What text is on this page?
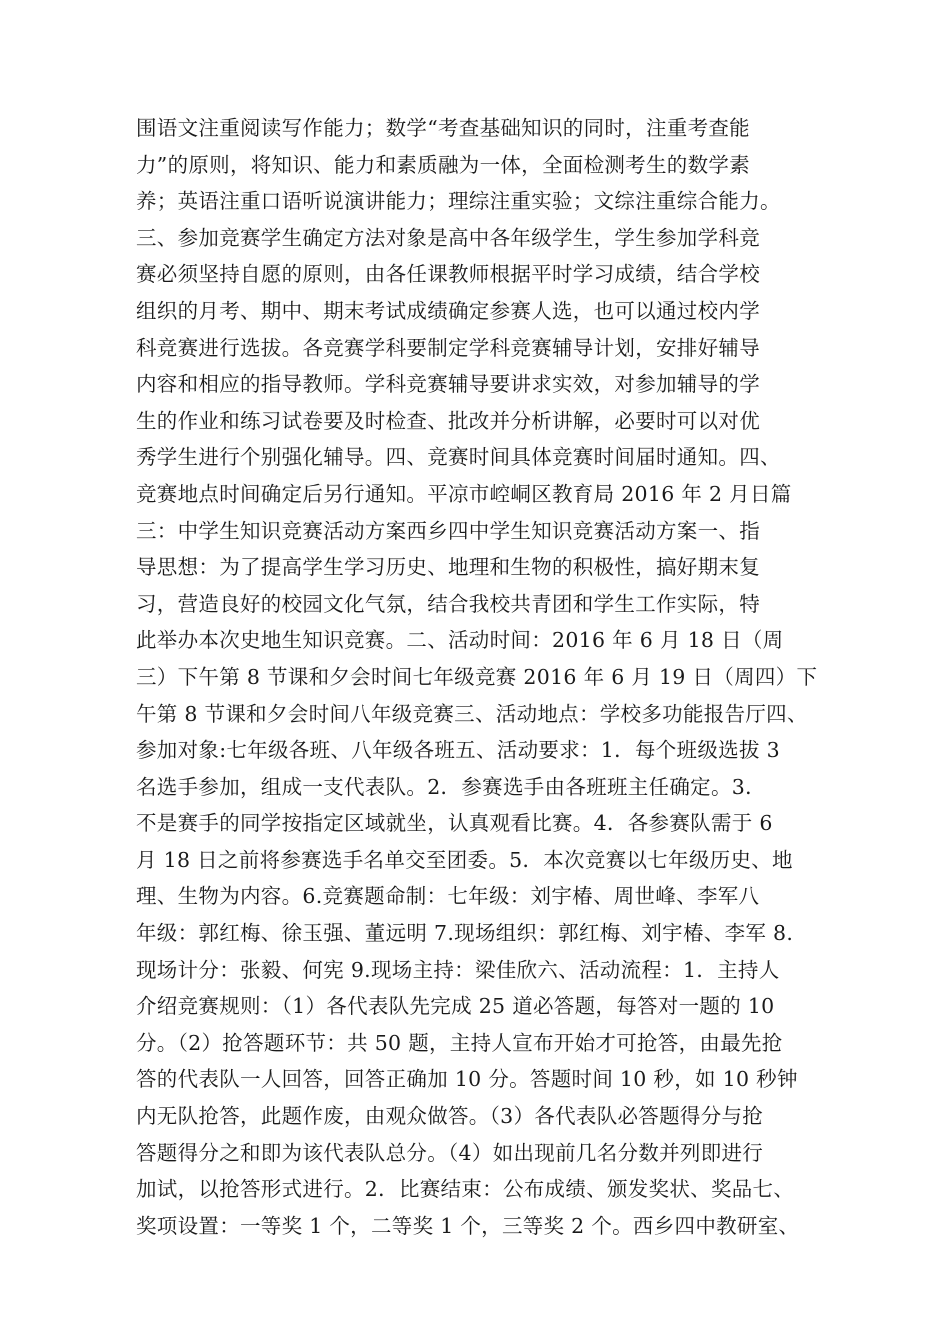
围语文注重阅读写作能力；数学“考查基础知识的同时，注重考查能
力”的原则，将知识、能力和素质融为一体，全面检测考生的数学素
养；英语注重口语听说演讲能力；理综注重实验；文综注重综合能力。
三、参加竞赛学生确定方法对象是高中各年级学生，学生参加学科竞
赛必须坚持自愿的原则，由各任课教师根据平时学习成绩，结合学校
组织的月考、期中、期末考试成绩确定参赛人选，也可以通过校内学
科竞赛进行选拔。各竞赛学科要制定学科竞赛辅导计划，安排好辅导
内容和相应的指导教师。学科竞赛辅导要讲求实效，对参加辅导的学
生的作业和练习试卷要及时检查、批改并分析讲解，必要时可以对优
秀学生进行个别强化辅导。四、竞赛时间具体竞赛时间届时通知。四、
竞赛地点时间确定后另行通知。平凉市崆峒区教育局 2016 年 2 月日篇
三：中学生知识竞赛活动方案西乡四中学生知识竞赛活动方案一、指
导思想：为了提高学生学习历史、地理和生物的积极性，搞好期末复
习，营造良好的校园文化气氛，结合我校共青团和学生工作实际，特
此举办本次史地生知识竞赛。二、活动时间：2016 年 6 月 18 日（周
三）下午第 8 节课和夕会时间七年级竞赛 2016 年 6 月 19 日（周四）下
午第 8 节课和夕会时间八年级竞赛三、活动地点：学校多功能报告厅四、
参加对象:七年级各班、八年级各班五、活动要求：1．每个班级选拔 3
名选手参加，组成一支代表队。2．参赛选手由各班班主任确定。3．
不是赛手的同学按指定区域就坐，认真观看比赛。4．各参赛队需于 6
月 18 日之前将参赛选手名单交至团委。5．本次竞赛以七年级历史、地
理、生物为内容。6.竞赛题命制：七年级：刘宇椿、周世峰、李军八
年级：郭红梅、徐玉强、董远明 7.现场组织：郭红梅、刘宇椿、李军 8.
现场计分：张毅、何宪 9.现场主持：梁佳欣六、活动流程：1．主持人
介绍竞赛规则：（1）各代表队先完成 25 道必答题，每答对一题的 10
分。（2）抢答题环节：共 50 题，主持人宣布开始才可抢答，由最先抢
答的代表队一人回答，回答正确加 10 分。答题时间 10 秒，如 10 秒钟
内无队抢答，此题作废，由观众做答。（3）各代表队必答题得分与抢
答题得分之和即为该代表队总分。（4）如出现前几名分数并列即进行
加试，以抢答形式进行。2．比赛结束：公布成绩、颁发奖状、奖品七、
奖项设置：一等奖 1 个，二等奖 1 个，三等奖 2 个。西乡四中教研室、
